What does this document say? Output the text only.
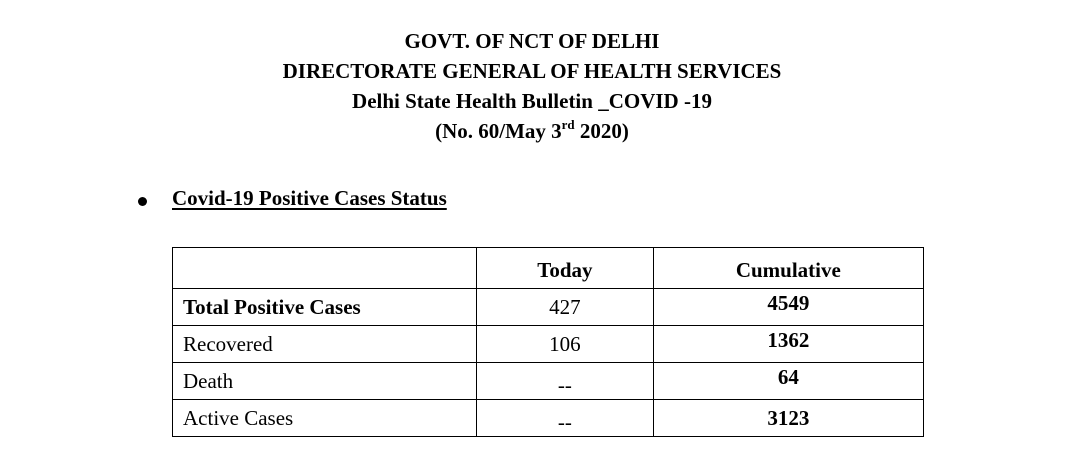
GOVT. OF NCT OF DELHI
DIRECTORATE GENERAL OF HEALTH SERVICES
Delhi State Health Bulletin _COVID -19
(No. 60/May 3rd 2020)
Covid-19 Positive Cases Status
	Today	Cumulative
Total Positive Cases	427	4549
Recovered	106	1362
Death	--	64
Active Cases	--	3123
